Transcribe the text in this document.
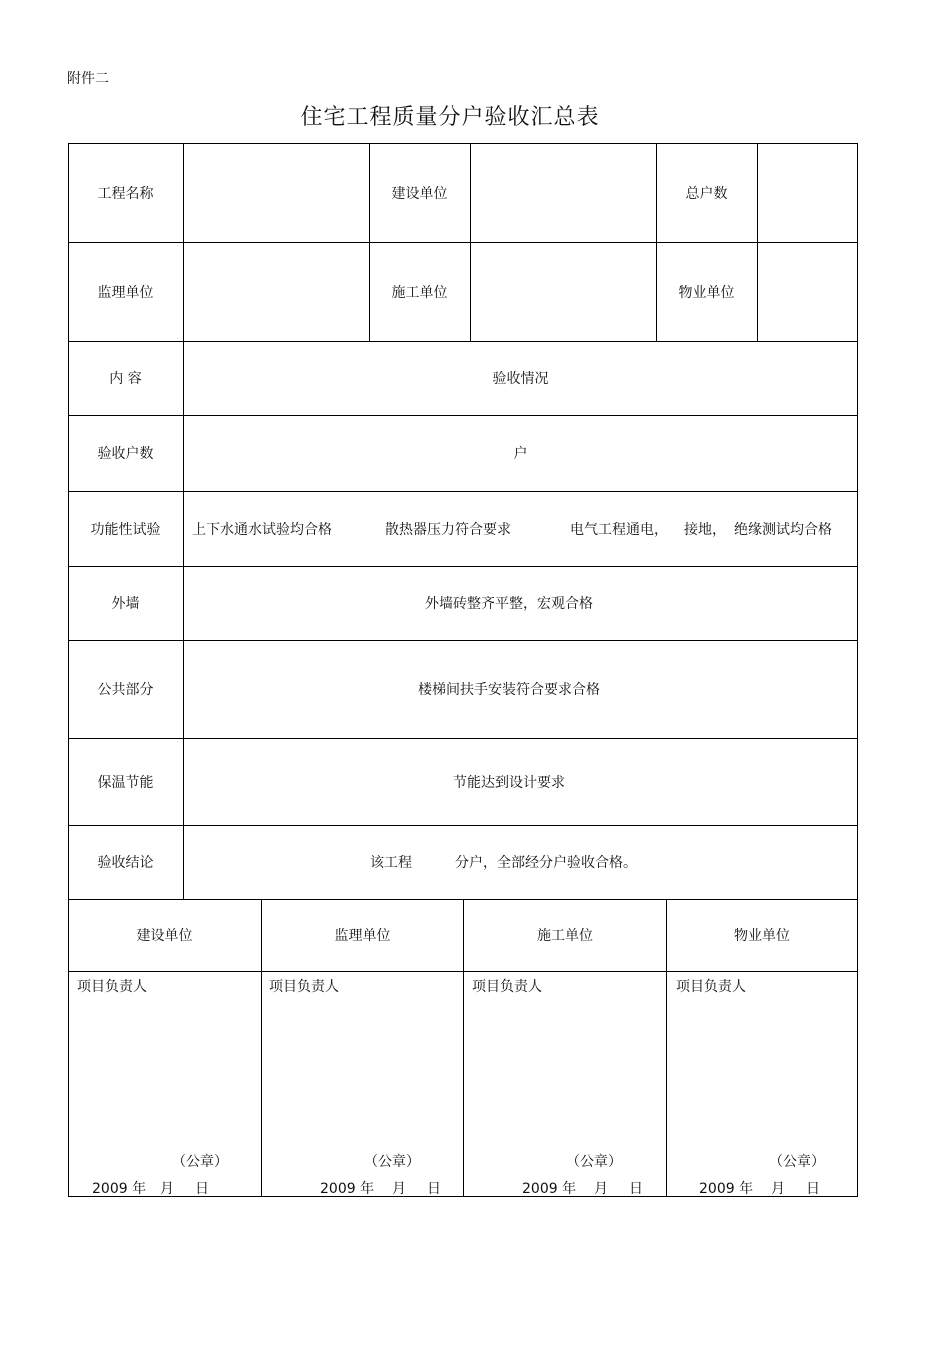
附件二
住宅工程质量分户验收汇总表
工程名称	建设单位	总户数
监理单位	施工单位	物业单位
内 容	验收情况
验收户数	户
功能性试验	上下水通水试验均合格	散热器压力符合要求	电气工程通电，	接地， 绝缘测试均合格
外墙	外墙砖整齐平整，宏观合格
公共部分	楼梯间扶手安装符合要求合格
保温节能	节能达到设计要求
验收结论	该工程	分户，全部经分户验收合格。
建设单位	监理单位	施工单位	物业单位
项目负责人	项目负责人	项目负责人	项目负责人
（公章）	（公章）	（公章）	（公章）
2009 年 月 日	2009 年 月 日	2009 年 月 日	2009 年 月 日
